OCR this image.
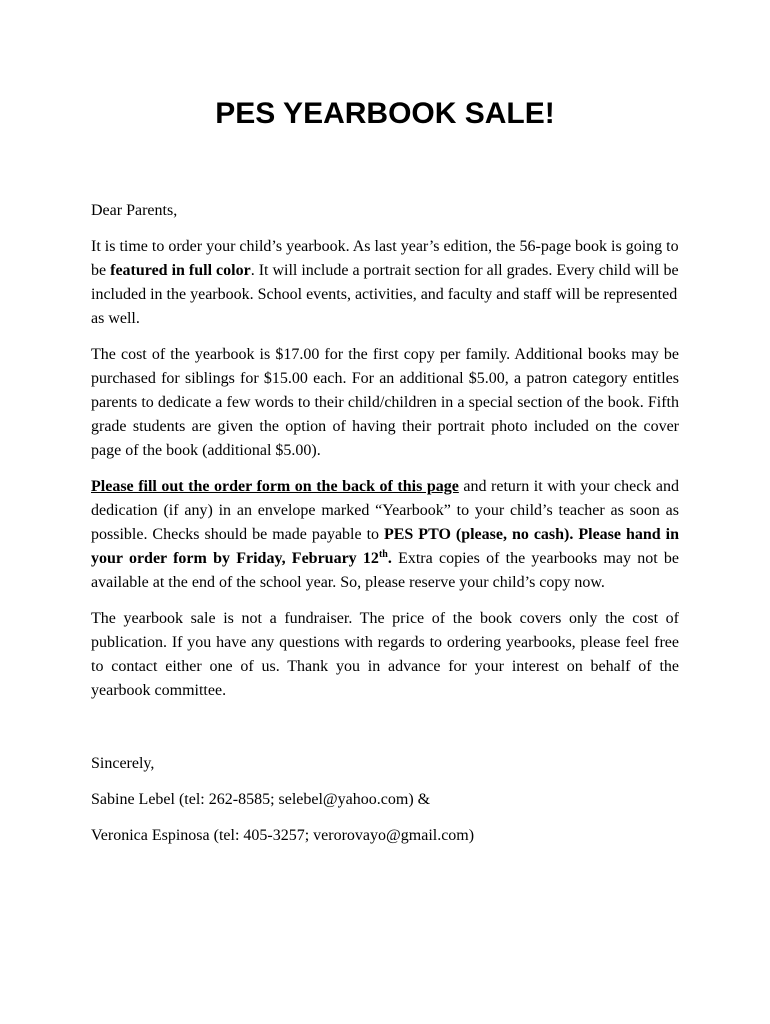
PES YEARBOOK SALE!

Dear Parents,

It is time to order your child’s yearbook. As last year’s edition, the 56-page book is going to be featured in full color. It will include a portrait section for all grades. Every child will be included in the yearbook. School events, activities, and faculty and staff will be represented as well.

The cost of the yearbook is $17.00 for the first copy per family. Additional books may be purchased for siblings for $15.00 each. For an additional $5.00, a patron category entitles parents to dedicate a few words to their child/children in a special section of the book. Fifth grade students are given the option of having their portrait photo included on the cover page of the book (additional $5.00).

Please fill out the order form on the back of this page and return it with your check and dedication (if any) in an envelope marked “Yearbook” to your child’s teacher as soon as possible. Checks should be made payable to PES PTO (please, no cash). Please hand in your order form by Friday, February 12th. Extra copies of the yearbooks may not be available at the end of the school year. So, please reserve your child’s copy now.

The yearbook sale is not a fundraiser. The price of the book covers only the cost of publication. If you have any questions with regards to ordering yearbooks, please feel free to contact either one of us. Thank you in advance for your interest on behalf of the yearbook committee.

Sincerely,

Sabine Lebel (tel: 262-8585; selebel@yahoo.com) &

Veronica Espinosa (tel: 405-3257; verorovayo@gmail.com)
